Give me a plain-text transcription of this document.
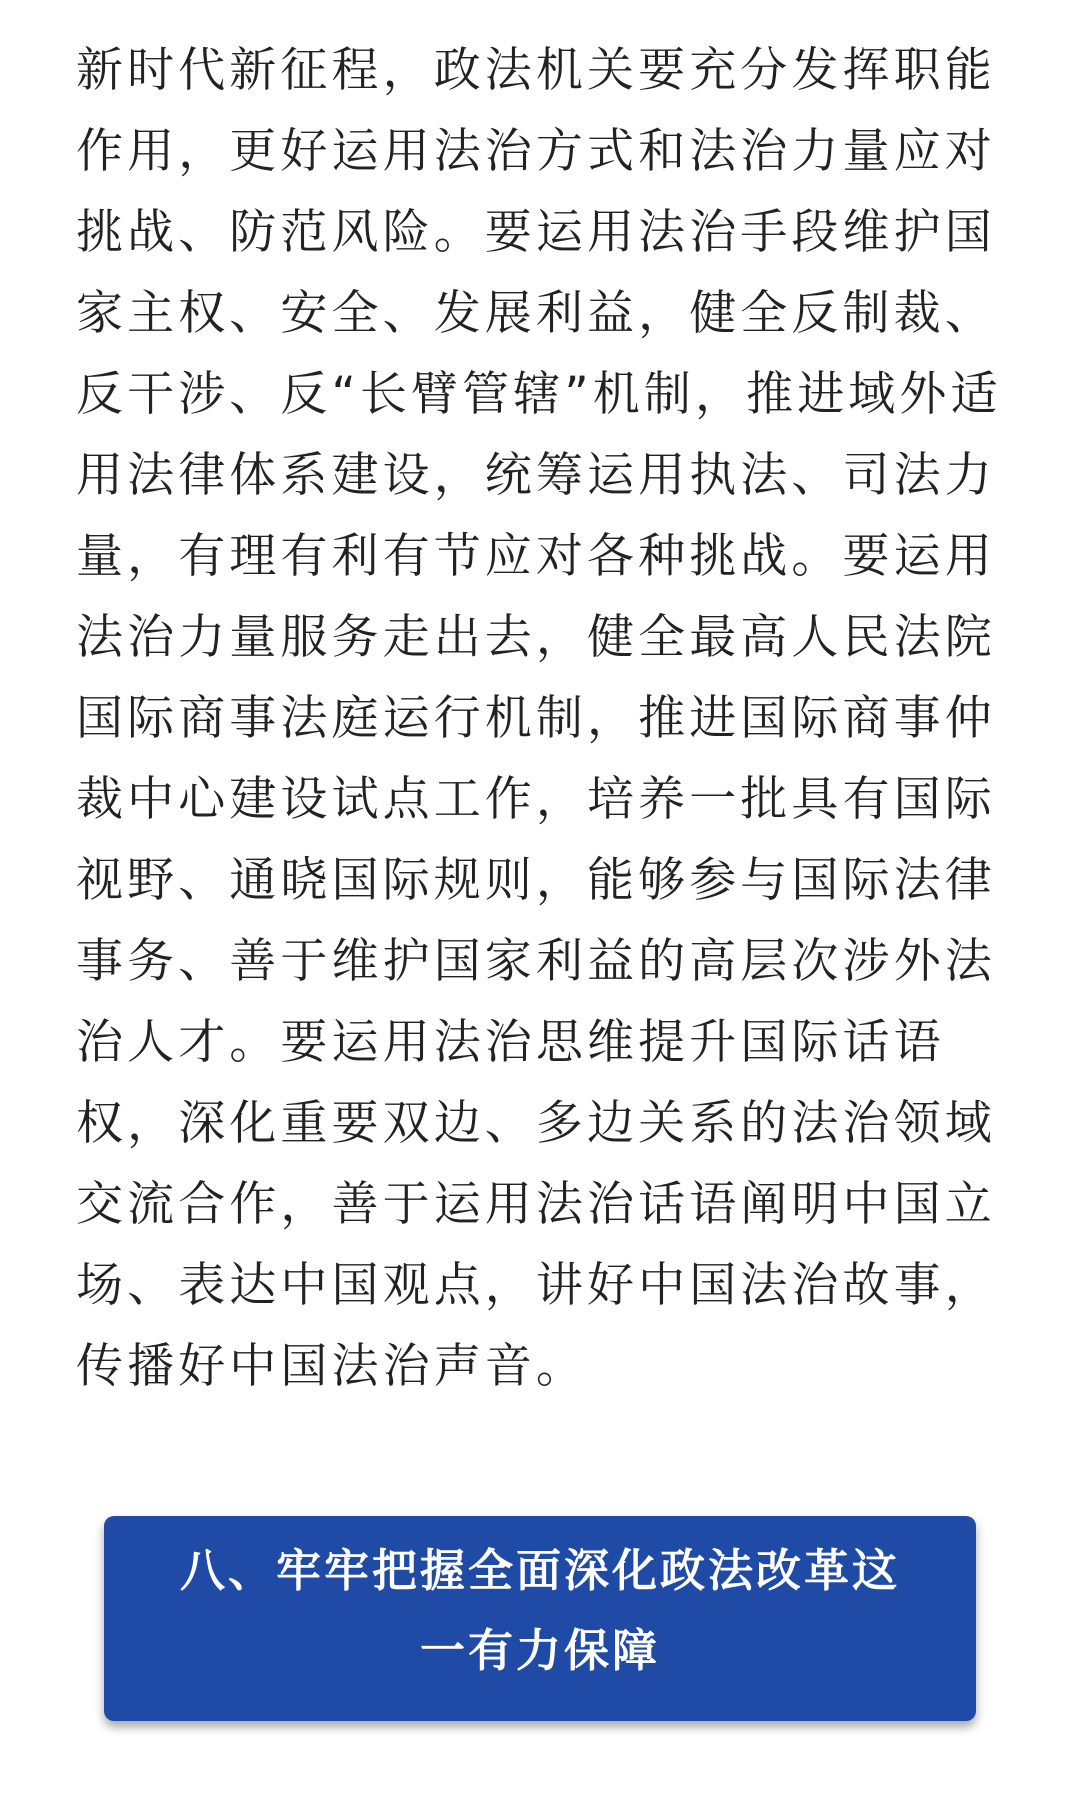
新时代新征程，政法机关要充分发挥职能
作用，更好运用法治方式和法治力量应对
挑战、防范风险。要运用法治手段维护国
家主权、安全、发展利益，健全反制裁、
反干涉、反“长臂管辖”机制，推进域外适
用法律体系建设，统筹运用执法、司法力
量，有理有利有节应对各种挑战。要运用
法治力量服务走出去，健全最高人民法院
国际商事法庭运行机制，推进国际商事仲
裁中心建设试点工作，培养一批具有国际
视野、通晓国际规则，能够参与国际法律
事务、善于维护国家利益的高层次涉外法
治人才。要运用法治思维提升国际话语
权，深化重要双边、多边关系的法治领域
交流合作，善于运用法治话语阐明中国立
场、表达中国观点，讲好中国法治故事，
传播好中国法治声音。

八、牢牢把握全面深化政法改革这
一有力保障
